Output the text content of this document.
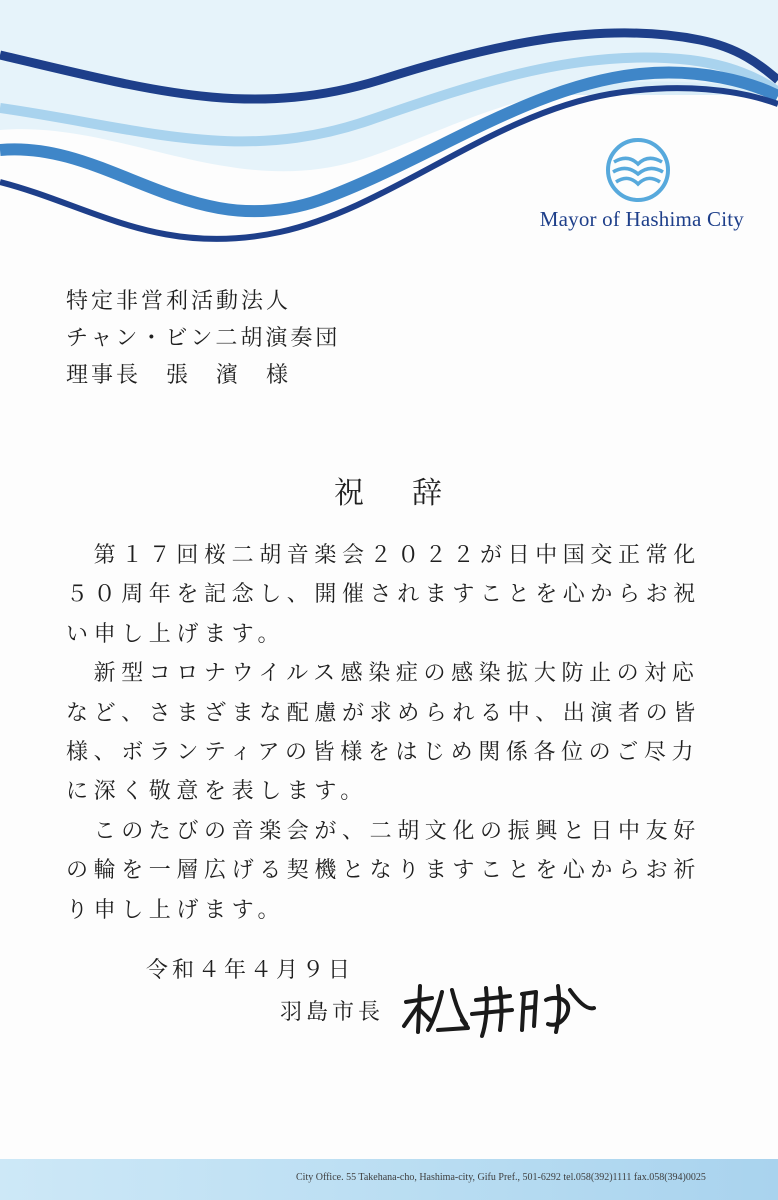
Mayor of Hashima City
特定非営利活動法人
チャン・ビン二胡演奏団
理事長　張　濱　様
祝 辞
　第１７回桜二胡音楽会２０２２が日中国交正常化
５０周年を記念し、開催されますことを心からお祝
い申し上げます。
　新型コロナウイルス感染症の感染拡大防止の対応
など、さまざまな配慮が求められる中、出演者の皆
様、ボランティアの皆様をはじめ関係各位のご尽力
に深く敬意を表します。
　このたびの音楽会が、二胡文化の振興と日中友好
の輪を一層広げる契機となりますことを心からお祈
り申し上げます。
令和４年４月９日
羽島市長
City Office. 55 Takehana-cho, Hashima-city, Gifu Pref., 501-6292 tel.058(392)1111 fax.058(394)0025
